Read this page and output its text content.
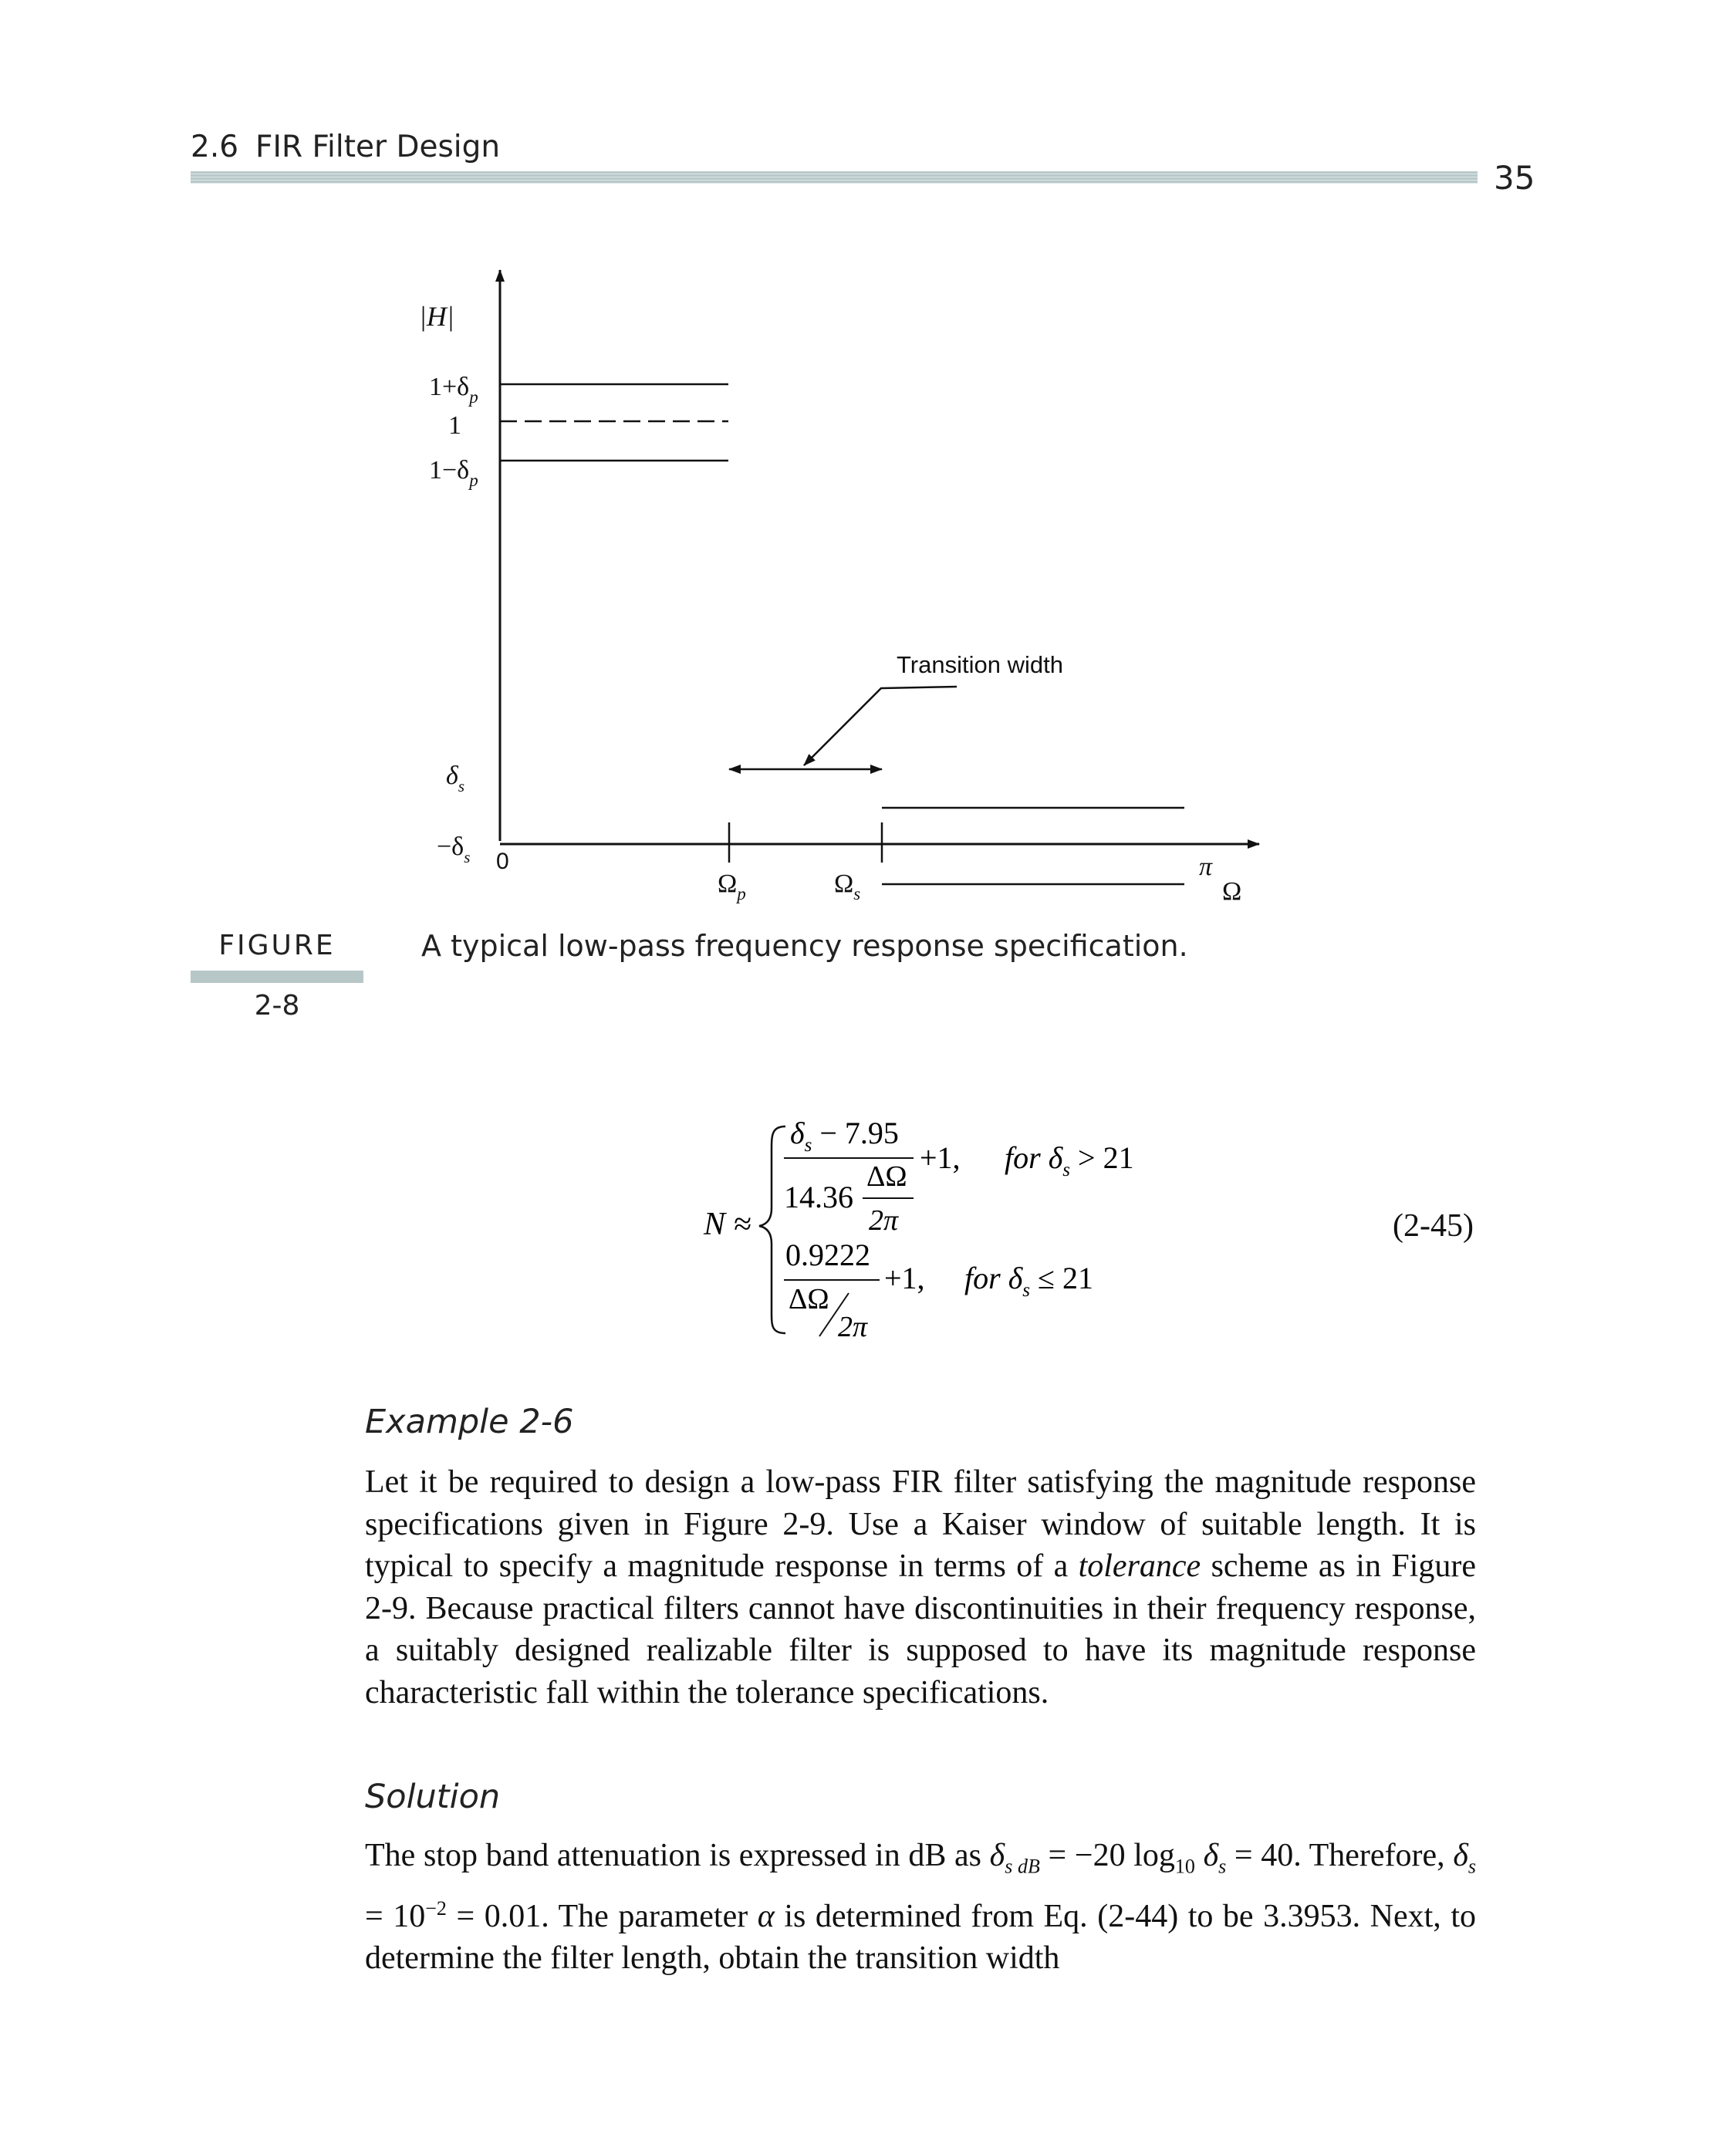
2.6 FIR Filter Design
35
Transition width
|H|
$1+\delta_p$
1
$1-\delta_p$
$\delta_s$
$-\delta_s$ 0
$\Omega_p$	$\Omega_s$
π
Ω
FIGURE
2-8
A typical low-pass frequency response specification.
N ≈
$\delta_s - 7.95$
14.36
ΔΩ
2π
+1, for $\delta_s > 21$
0.9222
ΔΩ
2π
+1, for $\delta_s \le 21$
(2-45)
Example 2-6

Let it be required to design a low-pass FIR filter satisfying the magnitude response specifications given in Figure 2-9. Use a Kaiser window of suitable length. It is typical to specify a magnitude response in terms of a tolerance scheme as in Figure 2-9. Because practical filters cannot have discontinuities in their frequency response, a suitably designed realizable filter is supposed to have its magnitude response characteristic fall within the tolerance specifications.

Solution

The stop band attenuation is expressed in dB as $\delta_{s dB} = -20$ $\log_{10} \delta_s = 40$. Therefore, $\delta_s = 10^{-2} = 0.01$. The parameter α is determined from Eq. (2-44) to be 3.3953. Next, to determine the filter length, obtain the transition width
